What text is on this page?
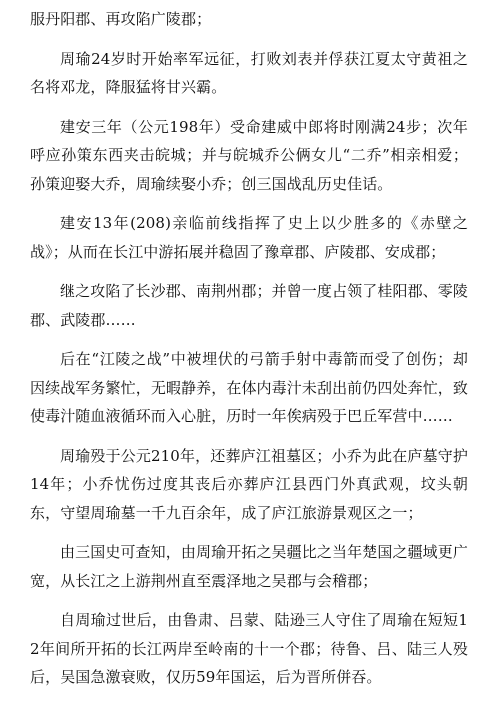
服丹阳郡、再攻陷广陵郡；

周瑜24岁时开始率军远征，打败刘表并俘获江夏太守黄祖之名将邓龙，降服猛将甘兴霸。

建安三年（公元198年）受命建威中郎将时刚满24步；次年呼应孙策东西夹击皖城；并与皖城乔公俩女儿“二乔”相亲相爱；孙策迎娶大乔，周瑜续娶小乔；创三国战乱历史佳话。

建安13年(208)亲临前线指挥了史上以少胜多的《赤壁之战》；从而在长江中游拓展并稳固了豫章郡、庐陵郡、安成郡；

继之攻陷了长沙郡、南荆州郡；并曾一度占领了桂阳郡、零陵郡、武陵郡……

后在“江陵之战”中被埋伏的弓箭手射中毒箭而受了创伤；却因续战军务繁忙，无暇静养，在体内毒汁未刮出前仍四处奔忙，致使毒汁随血液循环而入心脏，历时一年俟病殁于巴丘军营中……

周瑜殁于公元210年，还葬庐江祖墓区；小乔为此在庐墓守护14年；小乔忧伤过度其丧后亦葬庐江县西门外真武观，坟头朝东，守望周瑜墓一千九百余年，成了庐江旅游景观区之一；

由三国史可查知，由周瑜开拓之吴疆比之当年楚国之疆域更广宽，从长江之上游荆州直至震泽地之吴郡与会稽郡；

自周瑜过世后，由鲁肃、吕蒙、陆逊三人守住了周瑜在短短12年间所开拓的长江两岸至岭南的十一个郡；待鲁、吕、陆三人殁后，吴国急激衰败，仅历59年国运，后为晋所併吞。
